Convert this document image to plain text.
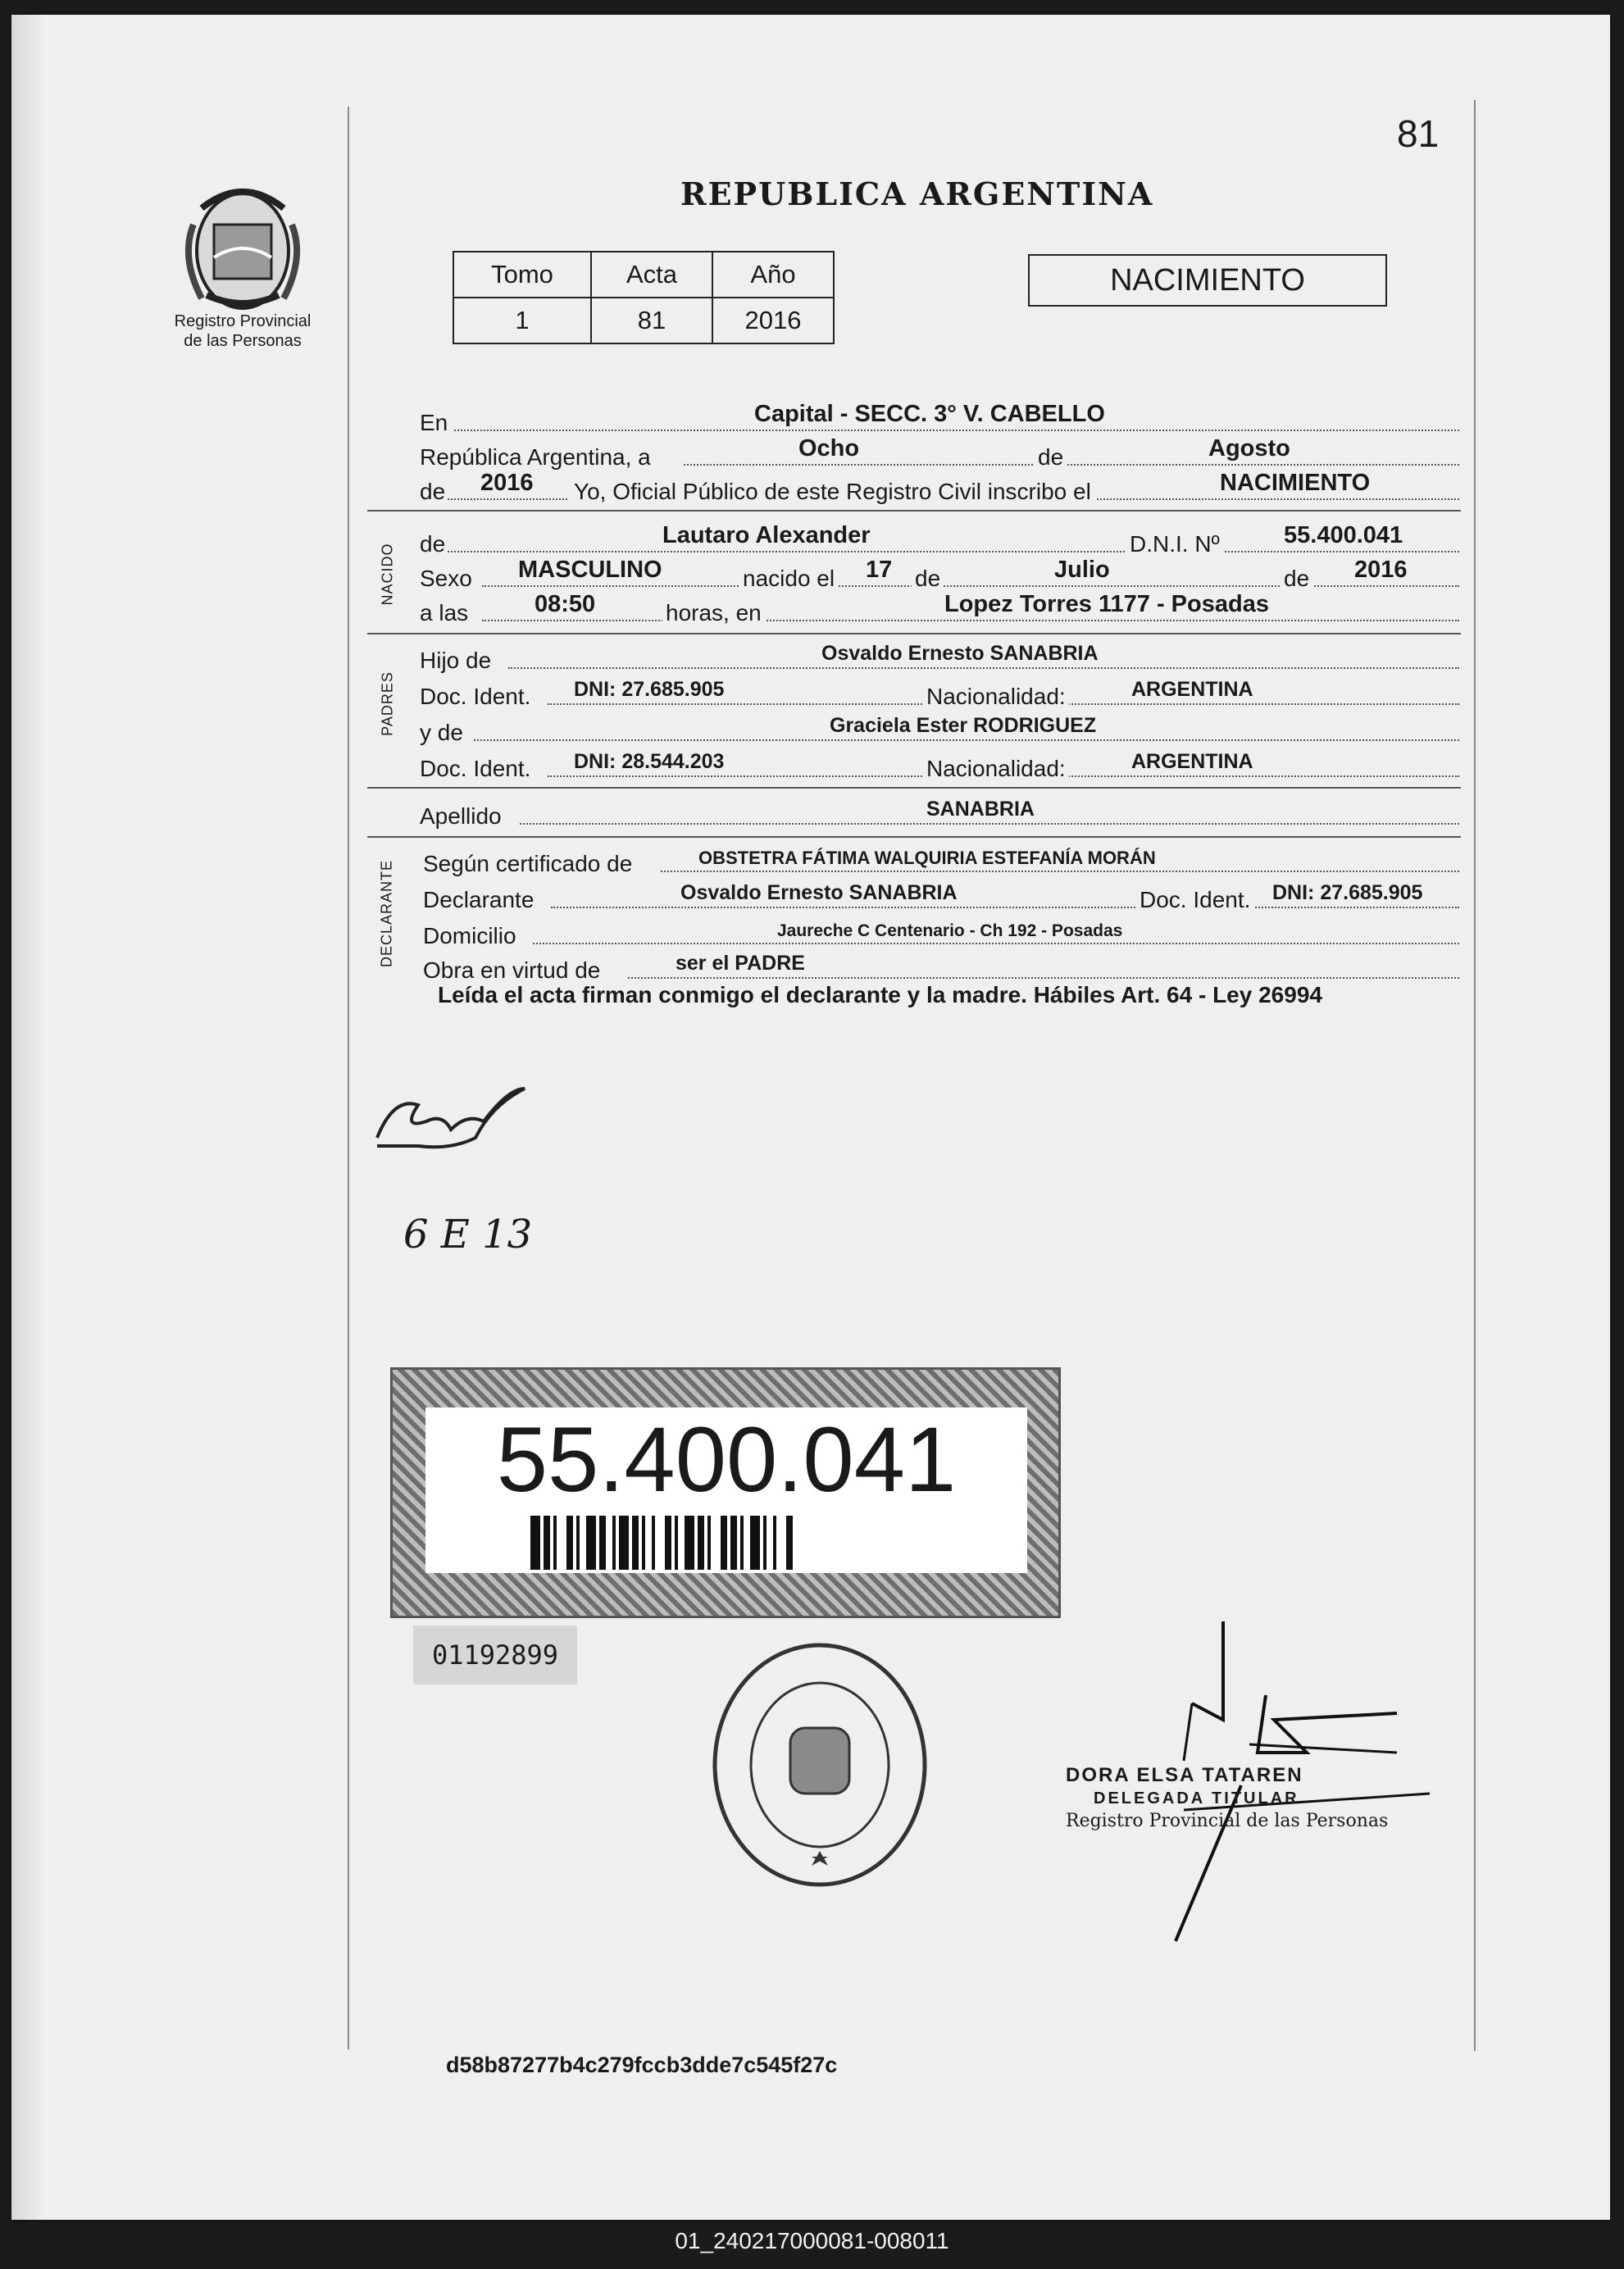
81
Registro Provincial
de las Personas
REPUBLICA ARGENTINA
Tomo	Acta	Año
1	81	2016
NACIMIENTO
En	Capital - SECC. 3° V. CABELLO
República Argentina, a	Ocho	de	Agosto
de 2016 Yo, Oficial Público de este Registro Civil inscribo el	NACIMIENTO
NACIDO de	Lautaro Alexander	D.N.I. Nº	55.400.041
Sexo MASCULINO	nacido el 17 de	Julio	de 2016
a las	08:50	horas, en	Lopez Torres 1177 - Posadas
PADRES
Hijo de	Osvaldo Ernesto SANABRIA
Doc. Ident. DNI: 27.685.905	Nacionalidad:	ARGENTINA
y de	Graciela Ester RODRIGUEZ
Doc. Ident. DNI: 28.544.203	Nacionalidad:	ARGENTINA
Apellido	SANABRIA
DECLARANTE Según certificado de	OBSTETRA FÁTIMA WALQUIRIA ESTEFANÍA MORÁN
Declarante	Osvaldo Ernesto SANABRIA	Doc. Ident. DNI: 27.685.905
Domicilio	Jaureche C Centenario - Ch 192 - Posadas
Obra en virtud de	ser el PADRE
Leída el acta firman conmigo el declarante y la madre. Hábiles Art. 64 - Ley 26994
6 E 13
55.400.041
01192899
DORA ELSA TATAREN
DELEGADA TITULAR
Registro Provincial de las Personas
d58b87277b4c279fccb3dde7c545f27c
01_240217000081-008011
